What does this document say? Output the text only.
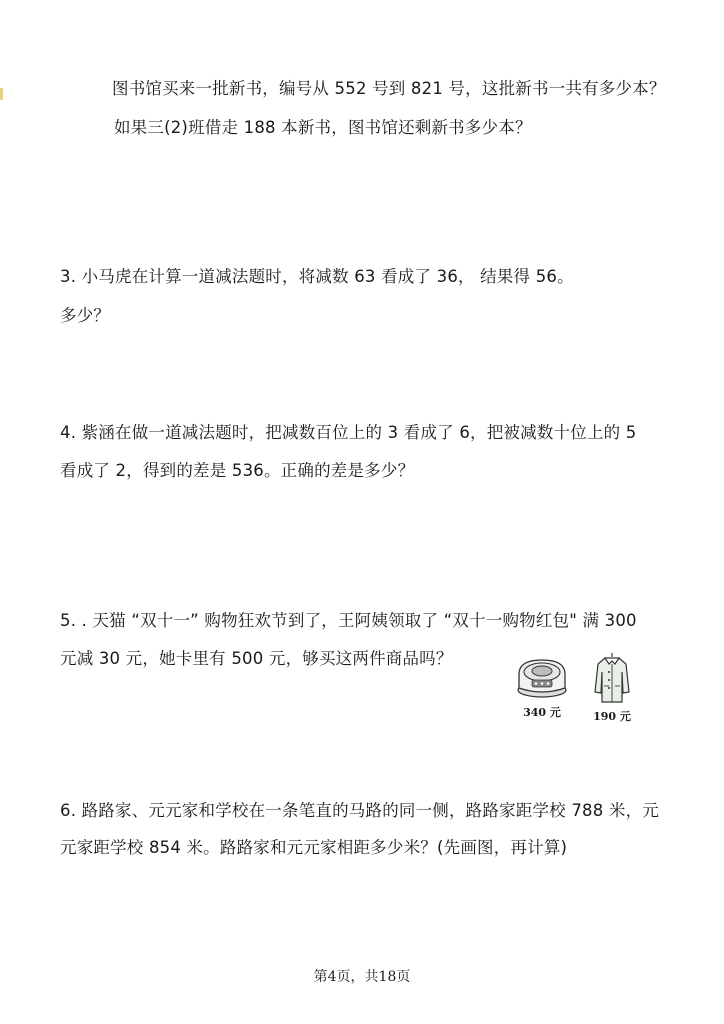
图书馆买来一批新书，编号从 552 号到 821 号，这批新书一共有多少本？
如果三(2)班借走 188 本新书，图书馆还剩新书多少本？
3. 小马虎在计算一道减法题时，将减数 63 看成了 36， 结果得 56。
多少？
4. 紫涵在做一道减法题时，把减数百位上的 3 看成了 6，把被减数十位上的 5
看成了 2，得到的差是 536。正确的差是多少？
5. . 天猫 “双十一” 购物狂欢节到了，王阿姨领取了 “双十一购物红包" 满 300
元减 30 元，她卡里有 500 元，够买这两件商品吗？
340 元	190 元
6. 路路家、元元家和学校在一条笔直的马路的同一侧，路路家距学校 788 米，元
元家距学校 854 米。路路家和元元家相距多少米？(先画图，再计算)
第4页，共18页
